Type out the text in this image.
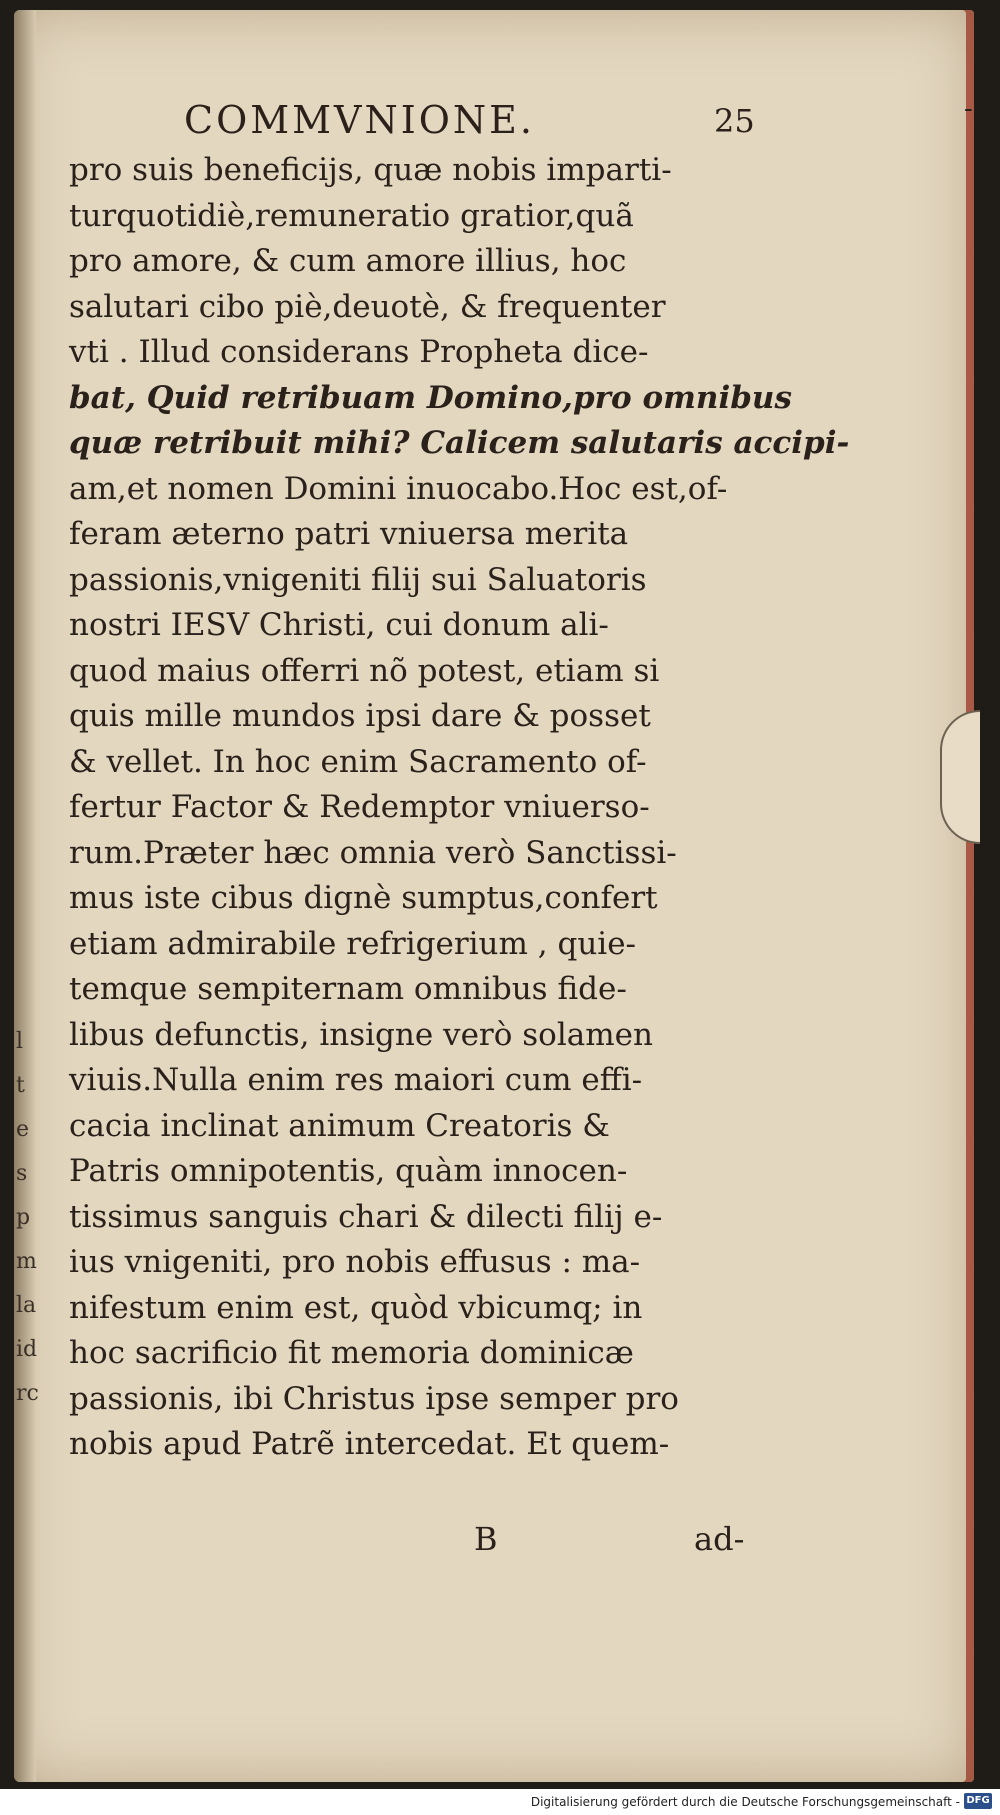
l
t
e
s
p
m
la
id
rc
COMMVNIONE.	25	-
pro suis beneficijs, quæ nobis imparti-
turquotidiè,remuneratio gratior,quã
pro amore, & cum amore illius, hoc
salutari cibo piè,deuotè, & frequenter
vti . Illud considerans Propheta dice-
bat, Quid retribuam Domino,pro omnibus
quæ retribuit mihi? Calicem salutaris accipi-
am,et nomen Domini inuocabo.Hoc est,of-
feram æterno patri vniuersa merita
passionis,vnigeniti filij sui Saluatoris
nostri IESV Christi, cui donum ali-
quod maius offerri nõ potest, etiam si
quis mille mundos ipsi dare & posset
& vellet. In hoc enim Sacramento of-
fertur Factor & Redemptor vniuerso-
rum.Præter hæc omnia verò Sanctissi-
mus iste cibus dignè sumptus,confert
etiam admirabile refrigerium , quie-
temque sempiternam omnibus fide-
libus defunctis, insigne verò solamen
viuis.Nulla enim res maiori cum effi-
cacia inclinat animum Creatoris &
Patris omnipotentis, quàm innocen-
tissimus sanguis chari & dilecti filij e-
ius vnigeniti, pro nobis effusus : ma-
nifestum enim est, quòd vbicumq; in
hoc sacrificio fit memoria dominicæ
passionis, ibi Christus ipse semper pro
nobis apud Patrẽ intercedat. Et quem-
B	ad-
Digitalisierung gefördert durch die Deutsche Forschungsgemeinschaft - DFG
